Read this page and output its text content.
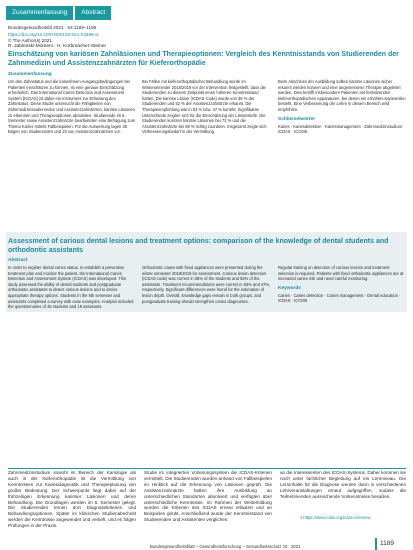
Zusammenfassung	Abstract
Bundesgesundheitsbl 2021 · 64:1189–1196
https://doi.org/10.1007/s00103-021-03399-w
© The Author(s) 2021
R. Jablonski-Momeni · H. Korbmacher-Steiner
Einschätzung von kariösen Zahnläsionen und Therapieoptionen: Vergleich des Kenntnisstands von Studierenden der Zahnmedizin und Assistenzzahnärzten für Kieferorthopädie
Zusammenfassung
Um den Zahnstatus und die kariesfreien Ausgangsbedingungen bei Patienten einschätzen zu können, ist eine genaue Einschätzung erforderlich. Das International Caries Detection and Assessment System (ICDAS) ist dabei ein Instrument zur Erfassung des Zahnstatus. Diese Studie untersucht die Fähigkeiten von Zahnmedizinstudierenden und Assistenzzahnärzten, kariöse Läsionen zu erkennen und Therapieoptionen abzuleiten. Studierende im 6. Semester sowie Assistenzzahnärzte bearbeiteten eine Befragung zum Thema Karies mittels Fallbeispielen. Für die Auswertung lagen 35 Bögen von Studierenden und 19 von Assistenzzahnärzten vor.
Bei Fällen mit kieferorthopädischer Behandlung wurde im Wintersemester 2018/2019 vor der Intervention festgestellt, dass die Studierenden zu diesem Zeitpunkt einen höheren Kenntnisstand hatten. Die kariöse Läsion (ICDAS-Code) wurde von 38 % der Studierenden und 52 % der Assistenzzahnärzte erkannt. Die Therapieempfehlung war in 53 % bzw. 47 % korrekt. Signifikante Unterschiede zeigten sich für die Einschätzung der Läsionstiefe. Die Studierenden konnten kariöse Läsionen bei 72 % und die Assistenzzahnärzte bei 89 % richtig zuordnen. Insgesamt zeigte sich Verbesserungsbedarf in der Vermittlung.
Beim Abschluss der Ausbildung sollten kariöse Läsionen sicher erkannt werden können und eine angemessene Therapie abgeleitet werden. Dies betrifft insbesondere Patienten mit festsitzenden kieferorthopädischen Apparaturen, bei denen ein erhöhtes Kariesrisiko besteht. Eine Verbesserung der Lehre in diesem Bereich wird empfohlen.
Schlüsselwörter
Karies · Kariesdetektion · Kariesmanagement · Zahnmedizinstudium · ICDAS · ICCMS
Assessment of carious dental lesions and treatment options: comparison of the knowledge of dental students and orthodontic assistants
Abstract
In order to register dental caries status, to establish a preventive treatment plan and monitor the patient, the International Caries Detection and Assessment System (ICDAS) was developed. This study assessed the ability of dental students and postgraduate orthodontic assistants to detect carious lesions and to derive appropriate therapy options. Students in the 6th semester and assistants completed a survey with case examples. Analysis included the questionnaires of 35 students and 19 assistants.
Orthodontic cases with fixed appliances were presented during the winter semester 2018/2019 for assessment. Carious lesion detection (ICDAS code) was correct in 38% of the students and 52% of the assistants. Treatment recommendations were correct in 53% and 47%, respectively. Significant differences were found for the estimation of lesion depth. Overall, knowledge gaps remain in both groups, and postgraduate training should strengthen caries diagnostics.
Regular training on detection of carious lesions and treatment selection is required. Patients with fixed orthodontic appliances are at increased caries risk and need careful monitoring.
Keywords
Caries · Caries detection · Caries management · Dental education · ICDAS · ICCMS
Zahnmedizinstudium sowohl im Bereich der Kariologie als auch in der Kieferorthopädie ist die Vermittlung von Kenntnissen zur Kariesdiagnostik und Therapieplanung von großer Bedeutung. Der Schwerpunkt liegt dabei auf der frühzeitigen Erkennung kariöser Läsionen und deren Behandlung. Die Grundlagen werden im 6. Semester gelegt. Die Studierenden lernen dort Diagnosekriterien und Behandlungsoptionen. Später im klinischen Studienabschnitt werden die Kenntnisse angewendet und vertieft, und es folgen Prüfungen in der Praxis.
Studie im integrierten Vorlesungssystem die ICDAS-Kriterien vermittelt. Die Studierenden wurden anhand von Fallbeispielen im Hinblick auf die Erkennung von Läsionen geprüft. Die Assistenzzahnärzte hatten ihre Ausbildung an unterschiedlichen Standorten absolviert und verfügten über unterschiedliche Kenntnisse. Im Rahmen der Weiterbildung wurden die Kriterien des ICDAS erneut erläutert und an Beispielen geübt. Anschließend wurde der Kenntnisstand von Studierenden und Assistenten verglichen.
an die Interessenten des ICDAS-Systems. Daher kommen sie noch unter fachlicher Begleitung auf ein Lernniveau. Die Lerninhalte für die Diagnose wurden dann in verschiedenen Lehrveranstaltungen erneut aufgegriffen, sodass die Teilnehmenden ausreichende Vorkenntnisse besaßen.
1 https://www.icdas.org/icdas-overview
Bundesgesundheitsblatt – Gesundheitsforschung – Gesundheitsschutz 10 · 2021	1189
